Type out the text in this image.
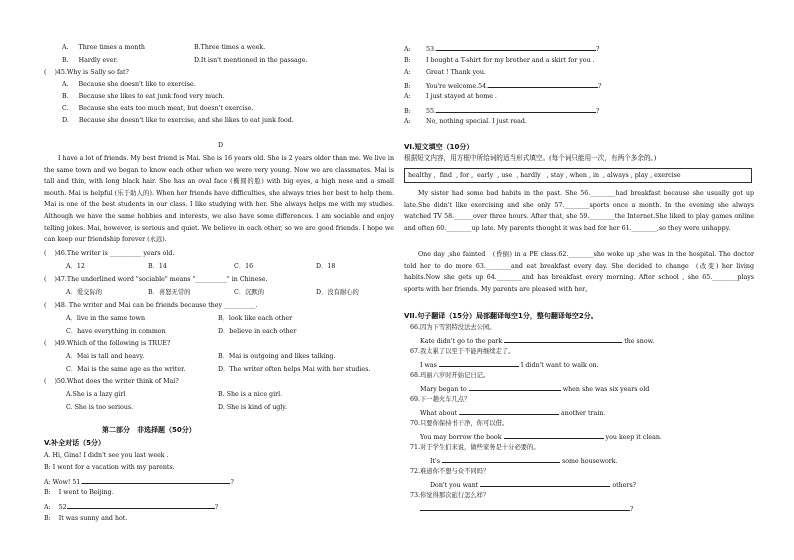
A.     Three times a month	B.Three times a week.
B.     Hardly ever.	D.It isn't mentioned in the passage.
(    )45.Why is Sally so fat?
A.     Because she doesn't like to exercise.
B.     Because she likes to eat junk food very much.
C.     Because she eats too much meat, but doesn't exercise.
D.     Because she doesn't like to exercise, and she likes to eat junk food.
D
I have a lot of friends. My best friend is Mai. She is 16 years old. She is 2 years older than me. We live in the same town and we began to know each other when we were very young. Now we are classmates. Mai is tall and thin, with long black hair. She has an oval face (椭圆的脸) with big eyes, a high nose and a small mouth. Mai is helpful (乐于助人的). When her friends have difficulties, she always tries her best to help them. Mai is one of the best students in our class. I like studying with her. She always helps me with my studies. Although we have the same hobbies and interests, we also have some differences. I am sociable and enjoy telling jokes. Mai, however, is serious and quiet. We believe in each other, so we are good friends. I hope we can keep our friendship forever (永远).
(    )46.The writer is __________ years old.
A．12	B．14	C．16	D．18
(    )47.The underlined word "sociable" means "__________" in Chinese.
A．爱交际的	B．喜怒无常的	C．沉默的	D．没有耐心的
(    )48. The writer and Mai can be friends because they __________.
A．live in the same town	B．look like each other
C．have everything in common	D．believe in each other
(    )49.Which of the following is TRUE?
A．Mai is tall and heavy.	B．Mai is outgoing and likes talking.
C．Mai is the same age as the writer.	D．The writer often helps Mai with her studies.
(    )50.What does the writer think of Mai?
A.She is a lazy girl	B. She is a nice girl.
C. She is too serious.	D. She is kind of ugly.
第二部分　非选择题（50分）
V.补全对话（5分）
A. Hi, Gina! I didn't see you last week .
B: I went for a vacation with my parents.
A: Wow! 51.	?
B:    I went to Beijing.
A:    52	?
B:    It was sunny and hot.
A: 53.	?
B: I bought a T-shirt for my brother and a skirt for you .
A: Great ! Thank you.
B: You're welcome.54.	?
A: I just stayed at home .
B: 55.	?
A: No, nothing special. I just read.
VI.短文填空（10分）
根据短文内容，用方框中所给词的适当形式填空。(每个词只能用一次，有两个多余的。)
healthy ,  find  , for ,  early  , use  , hardly   , stay , when , in  , always , play , exercise
My sister had some bad habits in the past. She 56.________had breakfast because she usually got up late.She didn't like exercising and she only 57.________sports once a month. In the evening she always watched TV 58.______over three hours. After that, she 59.________the Internet.She liked to play games online and often 60.________up late. My parents thought it was bad for her 61.________,so they were unhappy.
One day ,she fainted   (昏倒) in a PE class.62.________she woke up ,she was in the hospital. The doctor told her to do more 63.________and eat breakfast every day. She decided to change  (改变) her living habits.Now she gets up 64.________and has breakfast every morning. After school , she 65.________plays sports with her friends. My parents are pleased with her。
VII.句子翻译（15分）局部翻译每空1分，整句翻译每空2分。
66.因为下雪凯特没法去公园。
Kate didn't go to the park	the snow.
67.我太累了以至于不能再继续走了。
I was	I didn't want to walk on.
68.玛丽六岁时开始记日记。
Mary began to	when she was six years old
69.下一趟火车几点？
What about	another train.
70.只要你保持书干净，你可以借。
You may borrow the book	you keep it clean.
71.对于学生们来说，做些家务是十分必要的。
It's	some housework.
72.难道你不想与众不同吗？
Don't you want	others?
73.你觉得那次旅行怎么样？
?
